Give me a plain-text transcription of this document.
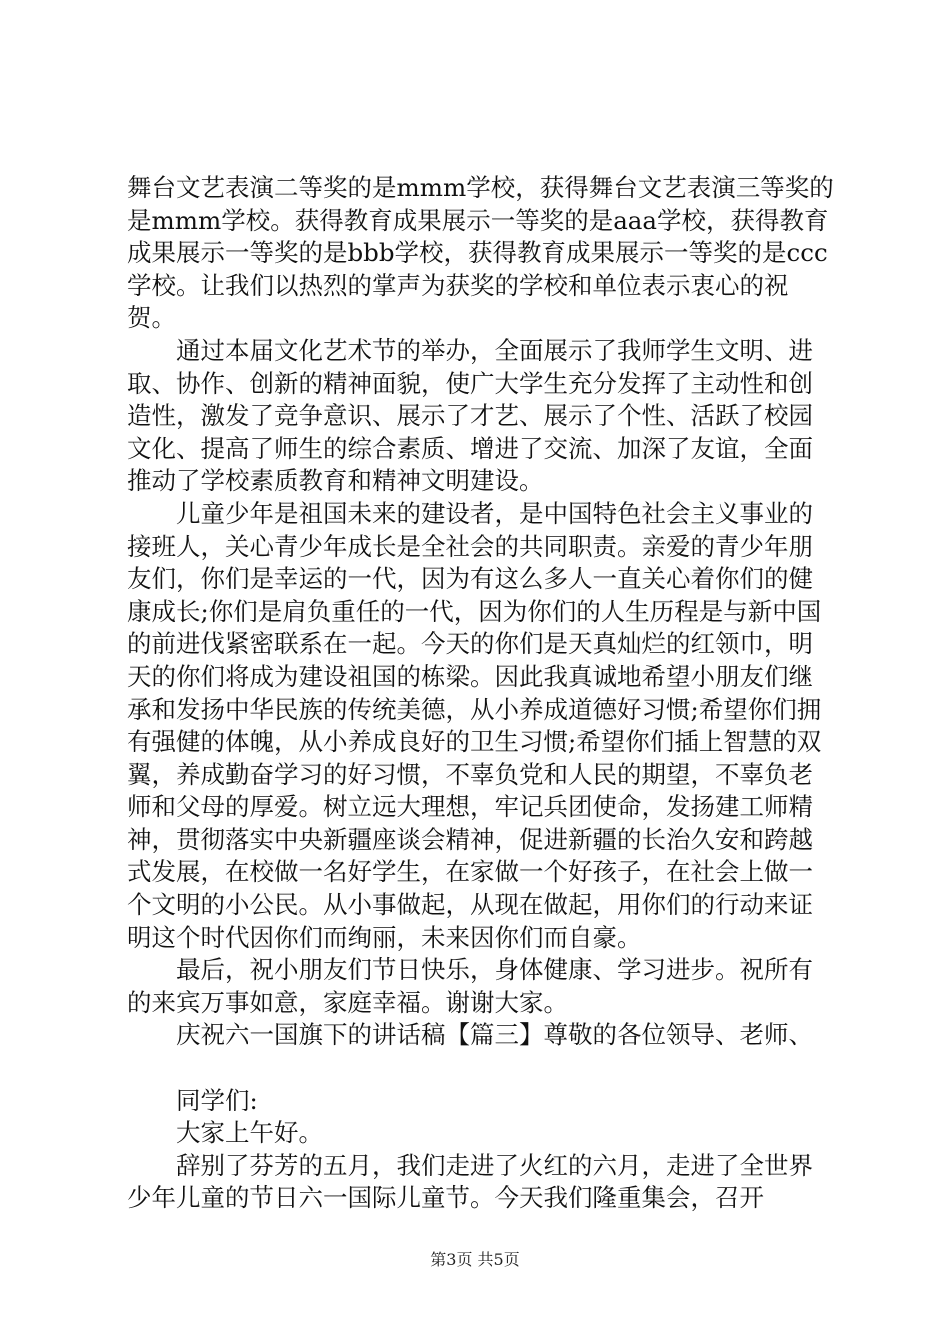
舞台文艺表演二等奖的是mmm学校，获得舞台文艺表演三等奖的是mmm学校。获得教育成果展示一等奖的是aaa学校，获得教育成果展示一等奖的是bbb学校，获得教育成果展示一等奖的是ccc学校。让我们以热烈的掌声为获奖的学校和单位表示衷心的祝贺。

通过本届文化艺术节的举办，全面展示了我师学生文明、进取、协作、创新的精神面貌，使广大学生充分发挥了主动性和创造性，激发了竞争意识、展示了才艺、展示了个性、活跃了校园文化、提高了师生的综合素质、增进了交流、加深了友谊，全面推动了学校素质教育和精神文明建设。

儿童少年是祖国未来的建设者，是中国特色社会主义事业的接班人，关心青少年成长是全社会的共同职责。亲爱的青少年朋友们，你们是幸运的一代，因为有这么多人一直关心着你们的健康成长;你们是肩负重任的一代，因为你们的人生历程是与新中国的前进伐紧密联系在一起。今天的你们是天真灿烂的红领巾，明天的你们将成为建设祖国的栋梁。因此我真诚地希望小朋友们继承和发扬中华民族的传统美德，从小养成道德好习惯;希望你们拥有强健的体魄，从小养成良好的卫生习惯;希望你们插上智慧的双翼，养成勤奋学习的好习惯，不辜负党和人民的期望，不辜负老师和父母的厚爱。树立远大理想，牢记兵团使命，发扬建工师精神，贯彻落实中央新疆座谈会精神，促进新疆的长治久安和跨越式发展，在校做一名好学生，在家做一个好孩子，在社会上做一个文明的小公民。从小事做起，从现在做起，用你们的行动来证明这个时代因你们而绚丽，未来因你们而自豪。

最后，祝小朋友们节日快乐，身体健康、学习进步。祝所有的来宾万事如意，家庭幸福。谢谢大家。

庆祝六一国旗下的讲话稿【篇三】尊敬的各位领导、老师、

同学们:

大家上午好。

辞别了芬芳的五月，我们走进了火红的六月，走进了全世界少年儿童的节日六一国际儿童节。今天我们隆重集会，召开

第3页 共5页
